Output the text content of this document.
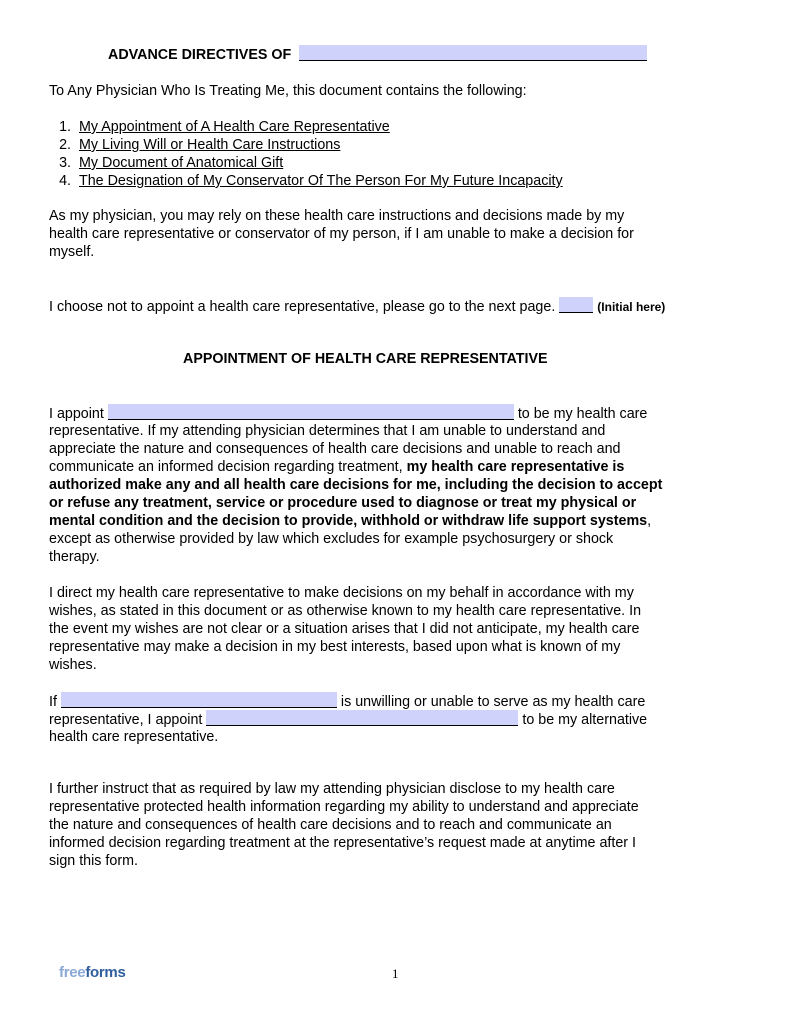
ADVANCE DIRECTIVES OF
To Any Physician Who Is Treating Me, this document contains the following:
1. My Appointment of A Health Care Representative
2. My Living Will or Health Care Instructions
3. My Document of Anatomical Gift
4. The Designation of My Conservator Of The Person For My Future Incapacity
As my physician, you may rely on these health care instructions and decisions made by my
health care representative or conservator of my person, if I am unable to make a decision for
myself.
I choose not to appoint a health care representative, please go to the next page.	(Initial here)
APPOINTMENT OF HEALTH CARE REPRESENTATIVE
I appoint	to be my health care
representative. If my attending physician determines that I am unable to understand and
appreciate the nature and consequences of health care decisions and unable to reach and
communicate an informed decision regarding treatment, my health care representative is
authorized make any and all health care decisions for me, including the decision to accept
or refuse any treatment, service or procedure used to diagnose or treat my physical or
mental condition and the decision to provide, withhold or withdraw life support systems,
except as otherwise provided by law which excludes for example psychosurgery or shock
therapy.
I direct my health care representative to make decisions on my behalf in accordance with my
wishes, as stated in this document or as otherwise known to my health care representative. In
the event my wishes are not clear or a situation arises that I did not anticipate, my health care
representative may make a decision in my best interests, based upon what is known of my
wishes.
If	is unwilling or unable to serve as my health care
representative, I appoint	to be my alternative
health care representative.
I further instruct that as required by law my attending physician disclose to my health care
representative protected health information regarding my ability to understand and appreciate
the nature and consequences of health care decisions and to reach and communicate an
informed decision regarding treatment at the representative’s request made at anytime after I
sign this form.
freeforms	1
